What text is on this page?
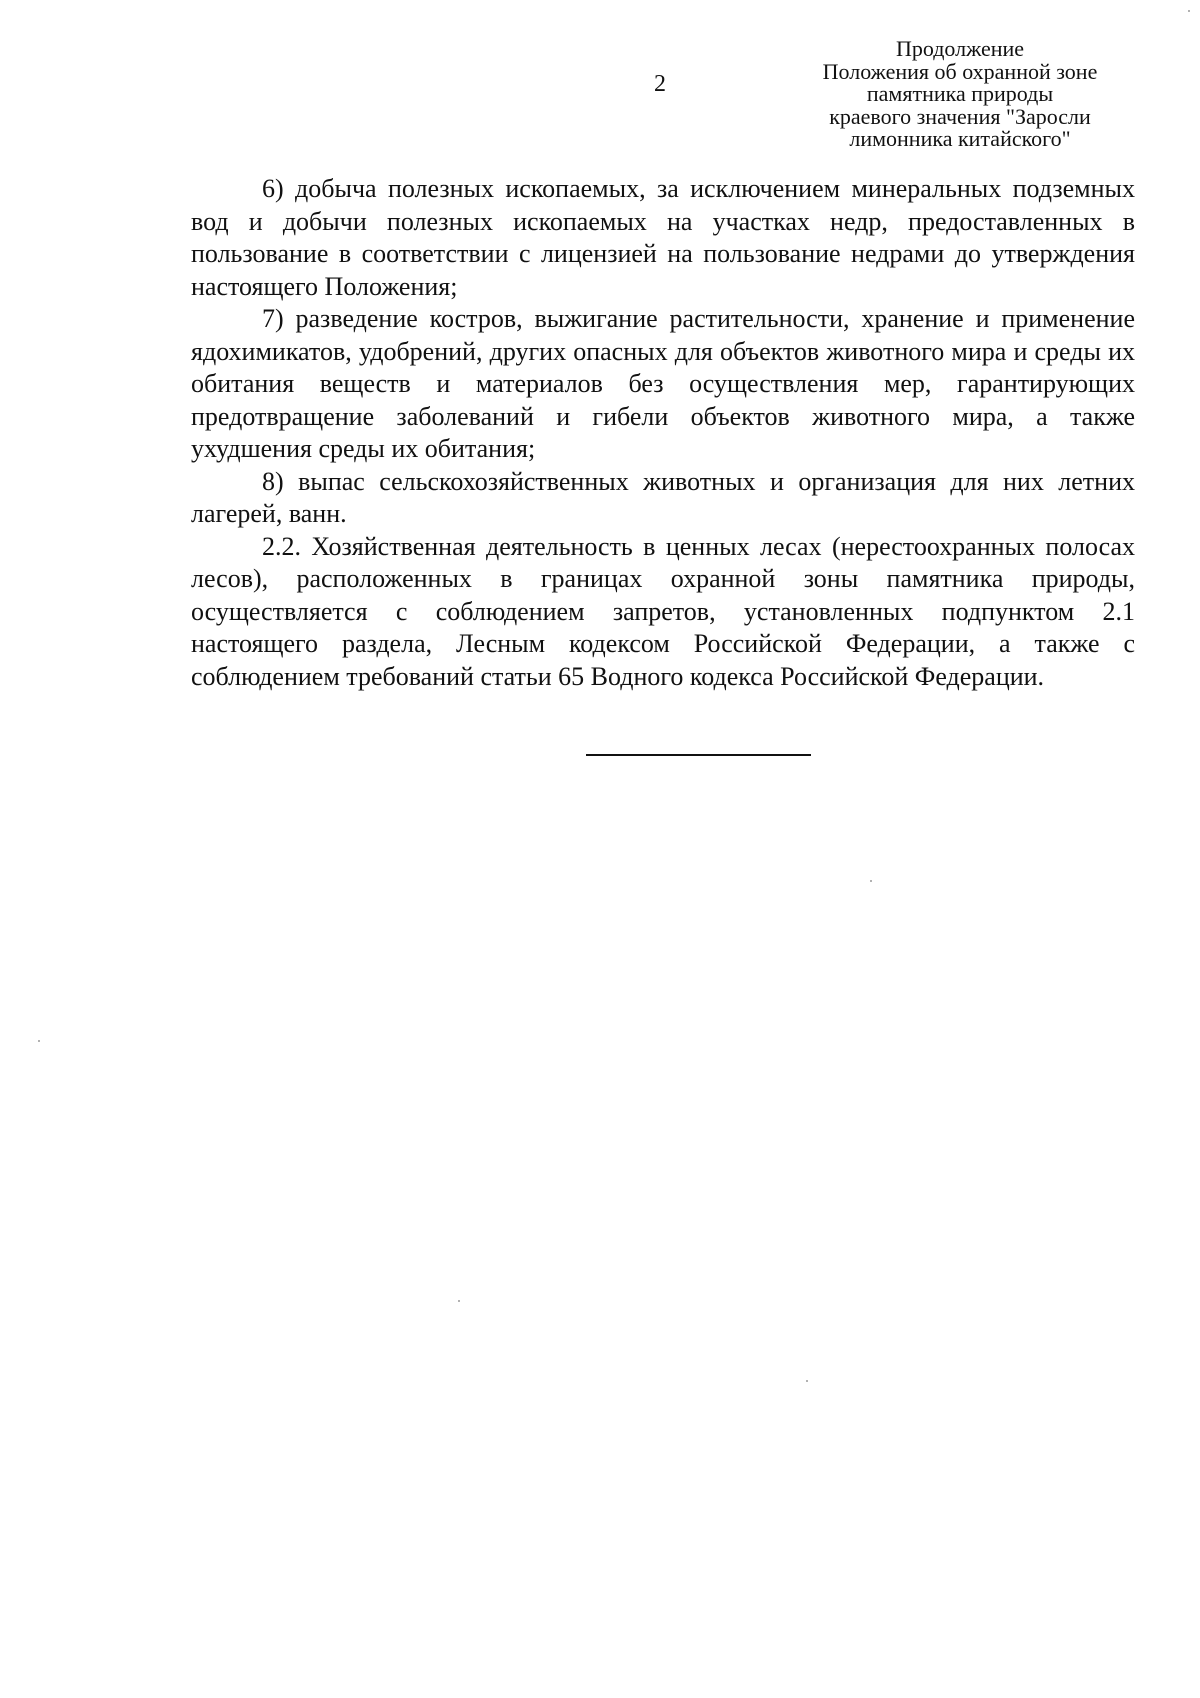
2
Продолжение
Положения об охранной зоне
памятника природы
краевого значения "Заросли
лимонника китайского"

6) добыча полезных ископаемых, за исключением минеральных подземных вод и добычи полезных ископаемых на участках недр, предоставленных в пользование в соответствии с лицензией на пользование недрами до утверждения настоящего Положения;

7) разведение костров, выжигание растительности, хранение и применение ядохимикатов, удобрений, других опасных для объектов животного мира и среды их обитания веществ и материалов без осуществления мер, гарантирующих предотвращение заболеваний и гибели объектов животного мира, а также ухудшения среды их обитания;

8) выпас сельскохозяйственных животных и организация для них летних лагерей, ванн.

2.2. Хозяйственная деятельность в ценных лесах (нерестоохранных полосах лесов), расположенных в границах охранной зоны памятника природы, осуществляется с соблюдением запретов, установленных подпунктом 2.1 настоящего раздела, Лесным кодексом Российской Федерации, а также с соблюдением требований статьи 65 Водного кодекса Российской Федерации.
